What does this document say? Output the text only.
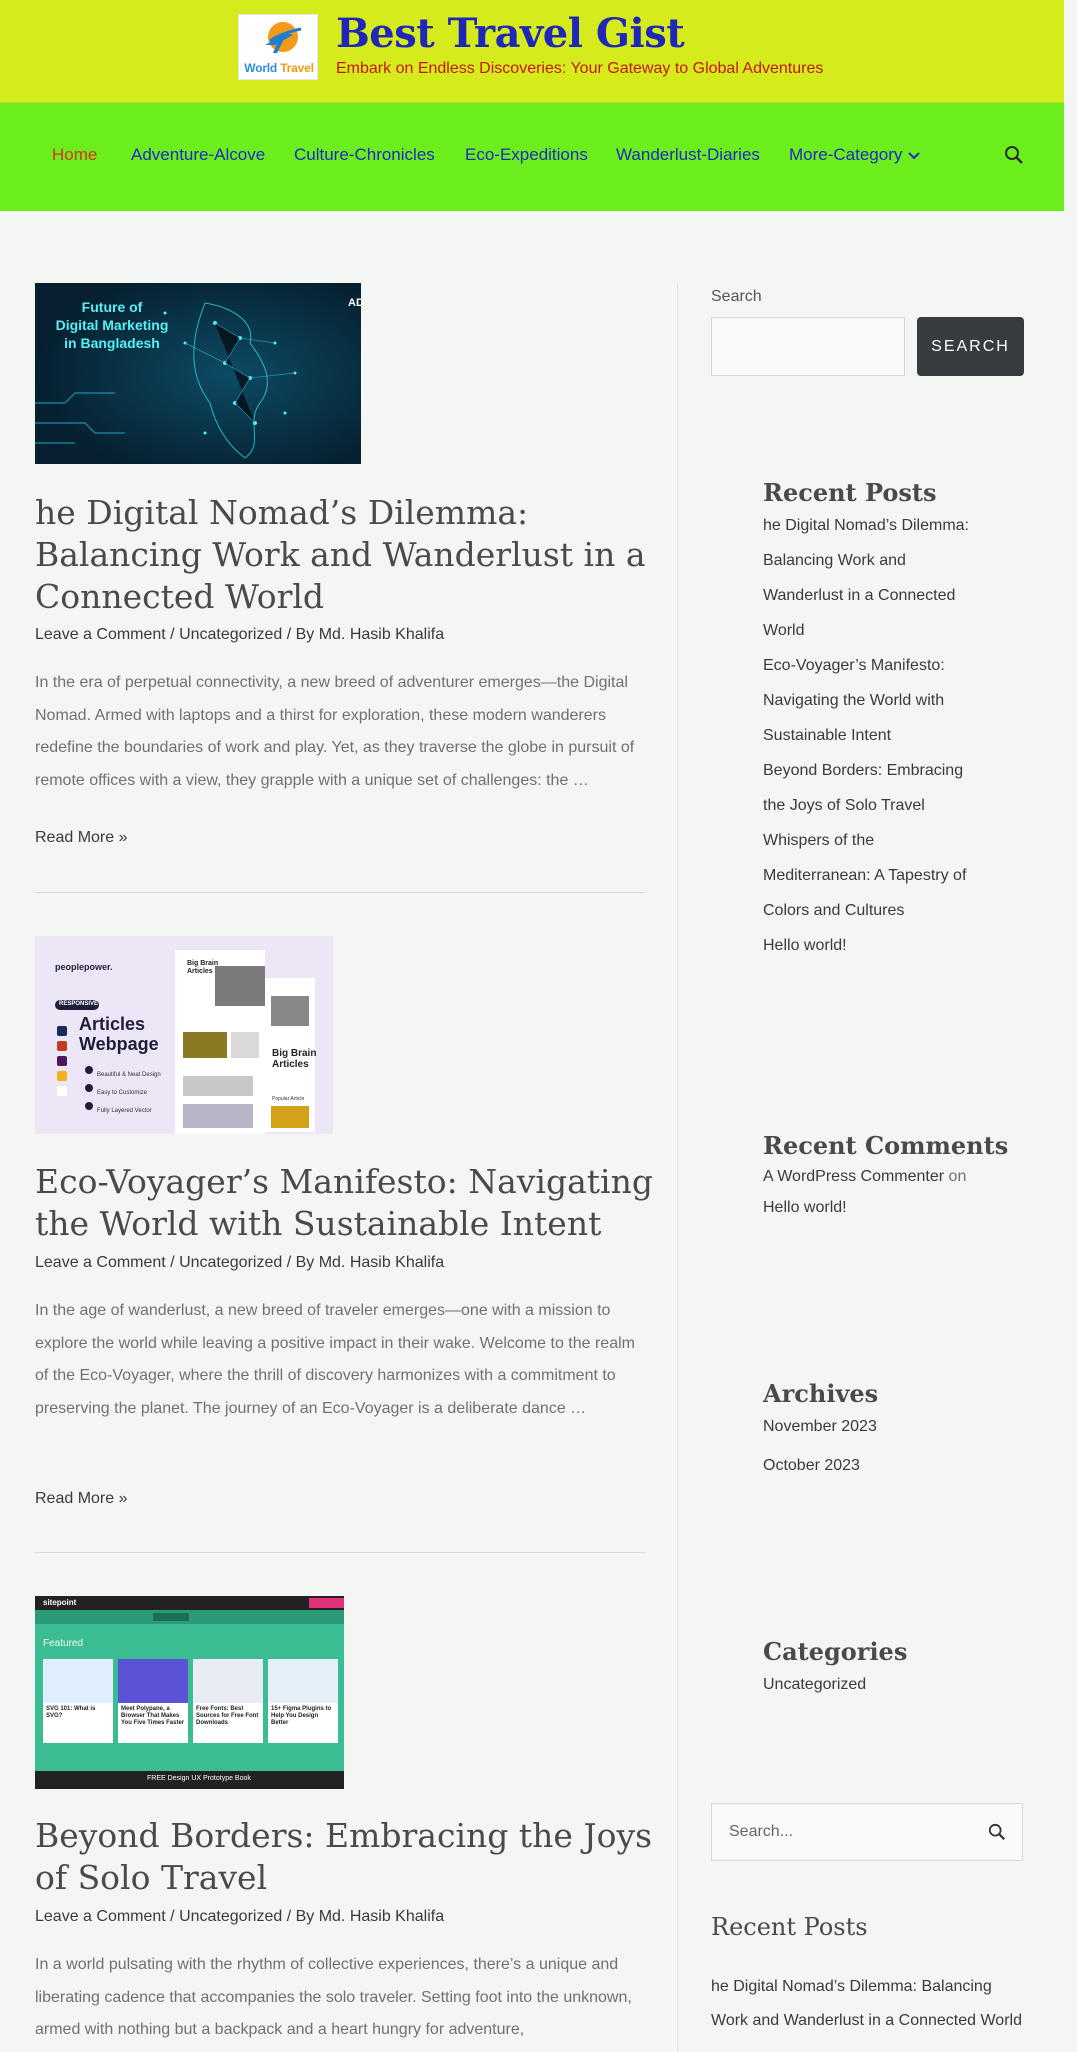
World Travel
Best Travel Gist
Embark on Endless Discoveries: Your Gateway to Global Adventures
Home Adventure-Alcove Culture-Chronicles Eco-Expeditions Wanderlust-Diaries More-Category
Future of
Digital Marketing
in Bangladesh
AD
he Digital Nomad’s Dilemma: Balancing Work and Wanderlust in a Connected World
Leave a Comment / Uncategorized / By Md. Hasib Khalifa

In the era of perpetual connectivity, a new breed of adventurer emerges—the Digital Nomad. Armed with laptops and a thirst for exploration, these modern wanderers redefine the boundaries of work and play. Yet, as they traverse the globe in pursuit of remote offices with a view, they grapple with a unique set of challenges: the …

Read More »
peoplepower.
RESPONSIVE
Articles
Webpage
Beautiful & Neat Design
Easy to Customize
Fully Layered Vector
Big Brain
Articles
Big Brain
Articles
Popular Article
Eco-Voyager’s Manifesto: Navigating the World with Sustainable Intent
Leave a Comment / Uncategorized / By Md. Hasib Khalifa

In the age of wanderlust, a new breed of traveler emerges—one with a mission to explore the world while leaving a positive impact in their wake. Welcome to the realm of the Eco-Voyager, where the thrill of discovery harmonizes with a commitment to preserving the planet. The journey of an Eco-Voyager is a deliberate dance …

Read More »
sitepoint
Featured
SVG 101: What is SVG?
Meet Polypane, a Browser That Makes You Five Times Faster
Free Fonts: Best Sources for Free Font Downloads
15+ Figma Plugins to Help You Design Better
FREE Design UX Prototype Book
Beyond Borders: Embracing the Joys of Solo Travel
Leave a Comment / Uncategorized / By Md. Hasib Khalifa

In a world pulsating with the rhythm of collective experiences, there’s a unique and liberating cadence that accompanies the solo traveler. Setting foot into the unknown, armed with nothing but a backpack and a heart hungry for adventure,

Search
SEARCH
Recent Posts
he Digital Nomad’s Dilemma: Balancing Work and Wanderlust in a Connected World
Eco-Voyager’s Manifesto: Navigating the World with Sustainable Intent
Beyond Borders: Embracing the Joys of Solo Travel
Whispers of the Mediterranean: A Tapestry of Colors and Cultures
Hello world!
Recent Comments
A WordPress Commenter on Hello world!
Archives
November 2023
October 2023
Categories
Uncategorized
Search...
Recent Posts
he Digital Nomad’s Dilemma: Balancing Work and Wanderlust in a Connected World
